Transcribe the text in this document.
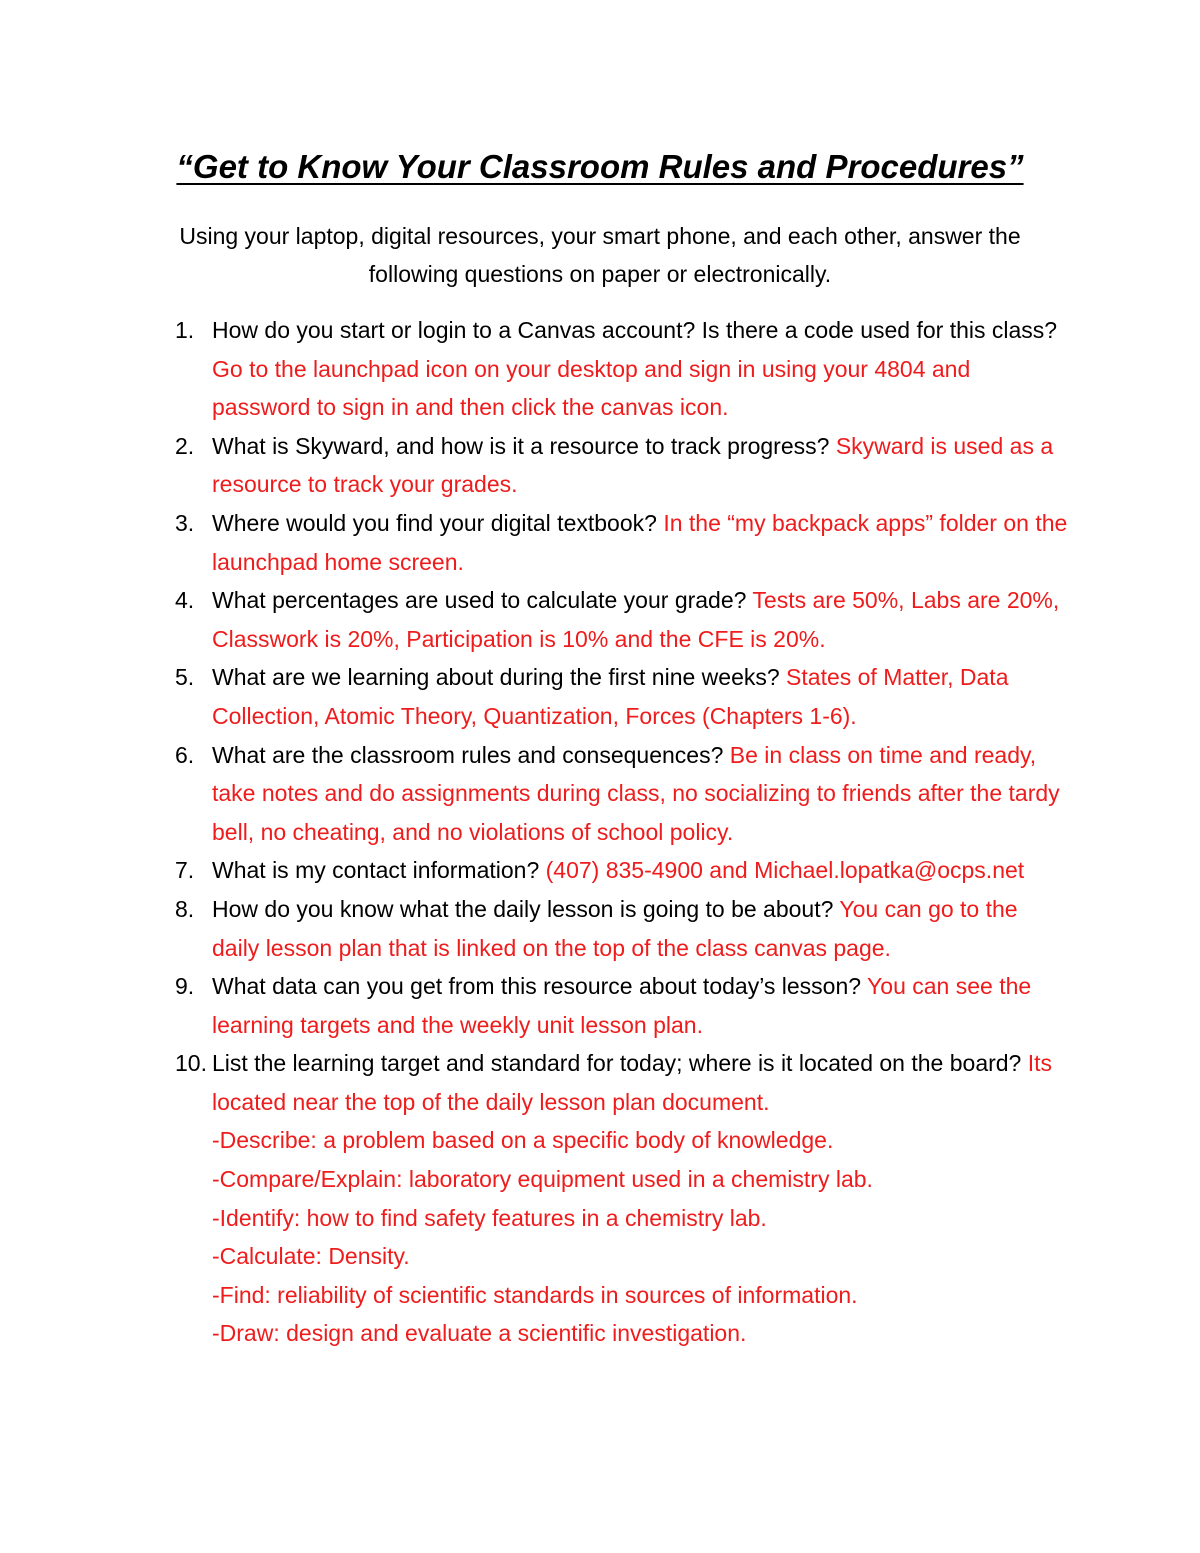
“Get to Know Your Classroom Rules and Procedures”

Using your laptop, digital resources, your smart phone, and each other, answer the following questions on paper or electronically.

1. How do you start or login to a Canvas account? Is there a code used for this class? Go to the launchpad icon on your desktop and sign in using your 4804 and password to sign in and then click the canvas icon.
2. What is Skyward, and how is it a resource to track progress? Skyward is used as a resource to track your grades.
3. Where would you find your digital textbook? In the “my backpack apps” folder on the launchpad home screen.
4. What percentages are used to calculate your grade? Tests are 50%, Labs are 20%, Classwork is 20%, Participation is 10% and the CFE is 20%.
5. What are we learning about during the first nine weeks? States of Matter, Data Collection, Atomic Theory, Quantization, Forces (Chapters 1-6).
6. What are the classroom rules and consequences? Be in class on time and ready, take notes and do assignments during class, no socializing to friends after the tardy bell, no cheating, and no violations of school policy.
7. What is my contact information? (407) 835-4900 and Michael.lopatka@ocps.net
8. How do you know what the daily lesson is going to be about? You can go to the daily lesson plan that is linked on the top of the class canvas page.
9. What data can you get from this resource about today’s lesson? You can see the learning targets and the weekly unit lesson plan.
10. List the learning target and standard for today; where is it located on the board? Its located near the top of the daily lesson plan document.
-Describe: a problem based on a specific body of knowledge.
-Compare/Explain: laboratory equipment used in a chemistry lab.
-Identify: how to find safety features in a chemistry lab.
-Calculate: Density.
-Find: reliability of scientific standards in sources of information.
-Draw: design and evaluate a scientific investigation.
